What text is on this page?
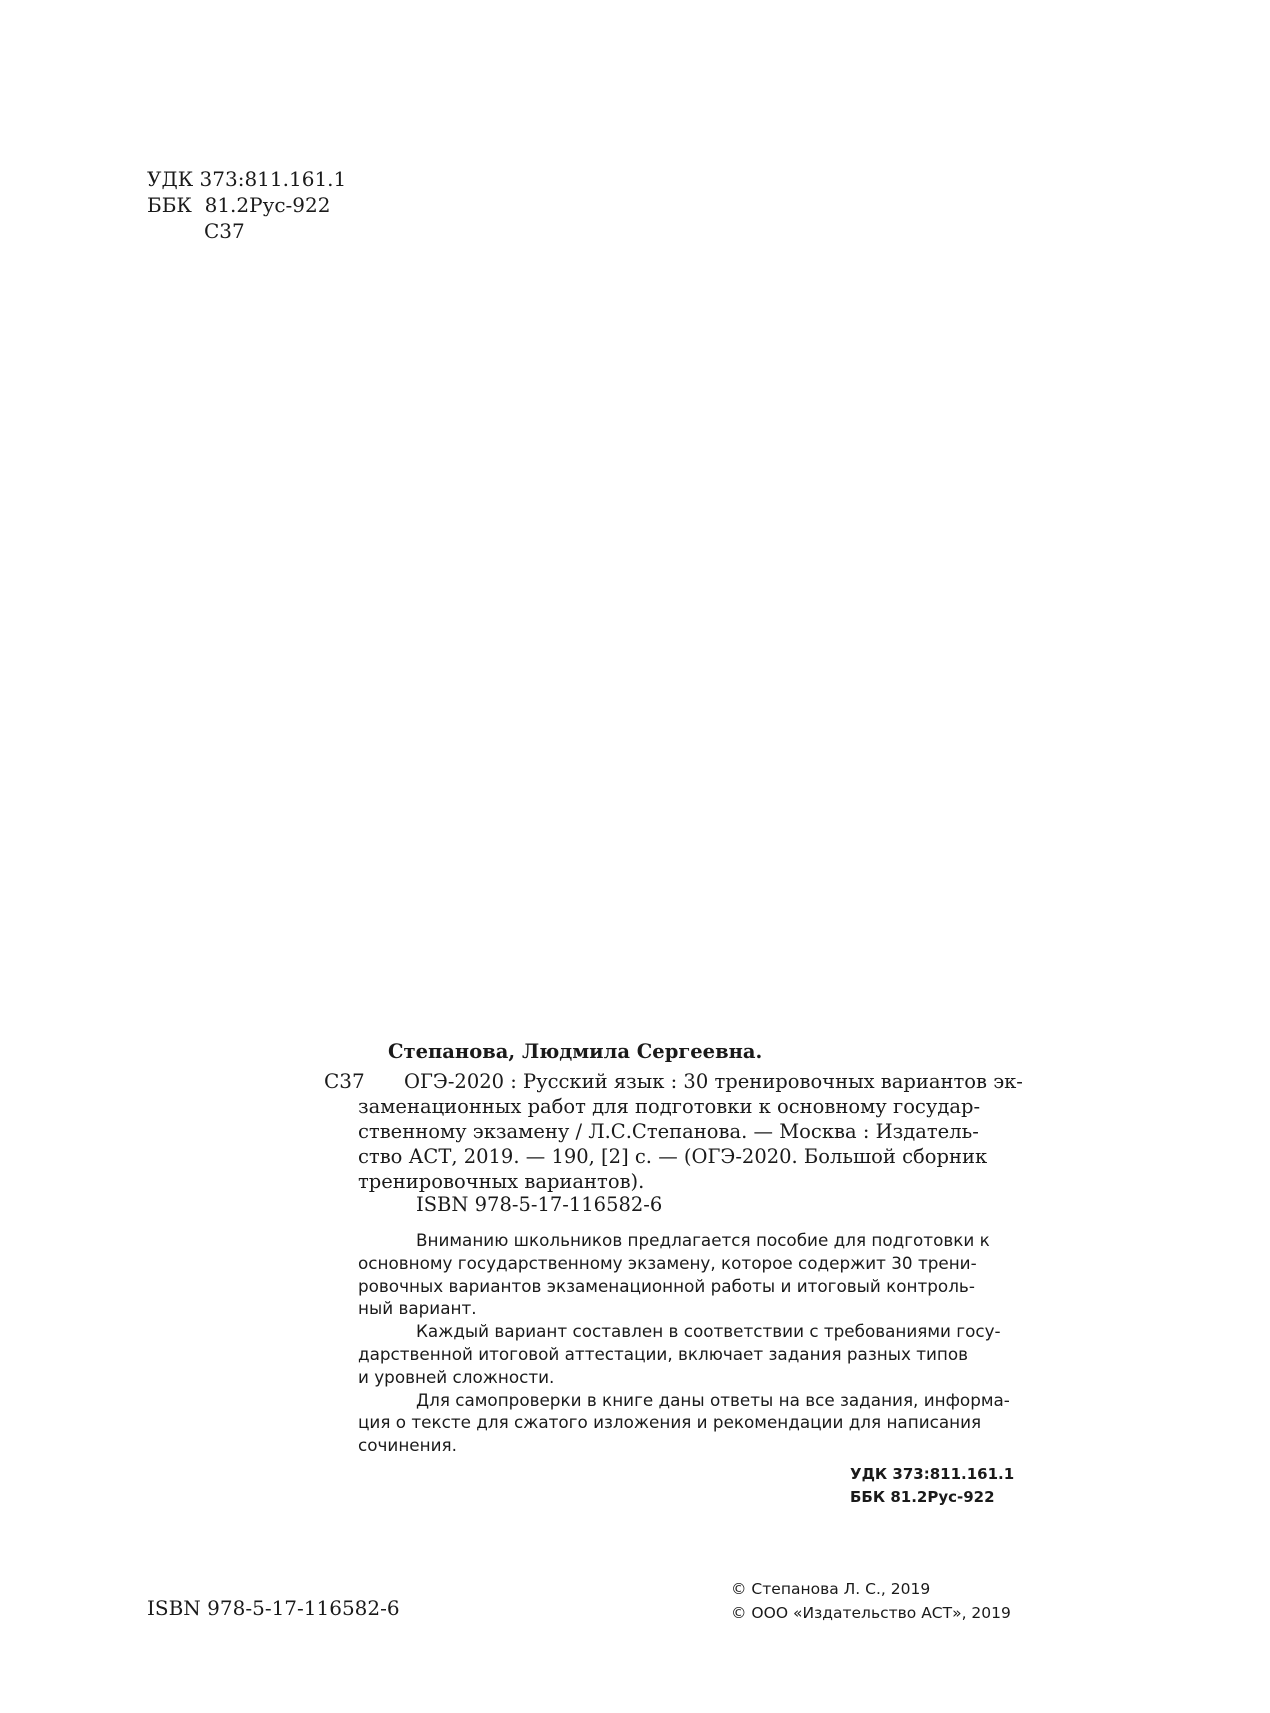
УДК 373:811.161.1
ББК  81.2Рус-922
С37
Степанова, Людмила Сергеевна.
С37	ОГЭ-2020 : Русский язык : 30 тренировочных вариантов эк-
заменационных работ для подготовки к основному государ-
ственному экзамену / Л.С.Степанова. — Москва : Издатель-
ство АСТ, 2019. — 190, [2] с. — (ОГЭ-2020. Большой сборник
тренировочных вариантов).
ISBN 978-5-17-116582-6
Вниманию школьников предлагается пособие для подготовки к
основному государственному экзамену, которое содержит 30 трени-
ровочных вариантов экзаменационной работы и итоговый контроль-
ный вариант.
Каждый вариант составлен в соответствии с требованиями госу-
дарственной итоговой аттестации, включает задания разных типов
и уровней сложности.
Для самопроверки в книге даны ответы на все задания, информа-
ция о тексте для сжатого изложения и рекомендации для написания
сочинения.
УДК 373:811.161.1
ББК 81.2Рус-922
ISBN 978-5-17-116582-6
© Степанова Л. С., 2019
© ООО «Издательство АСТ», 2019
